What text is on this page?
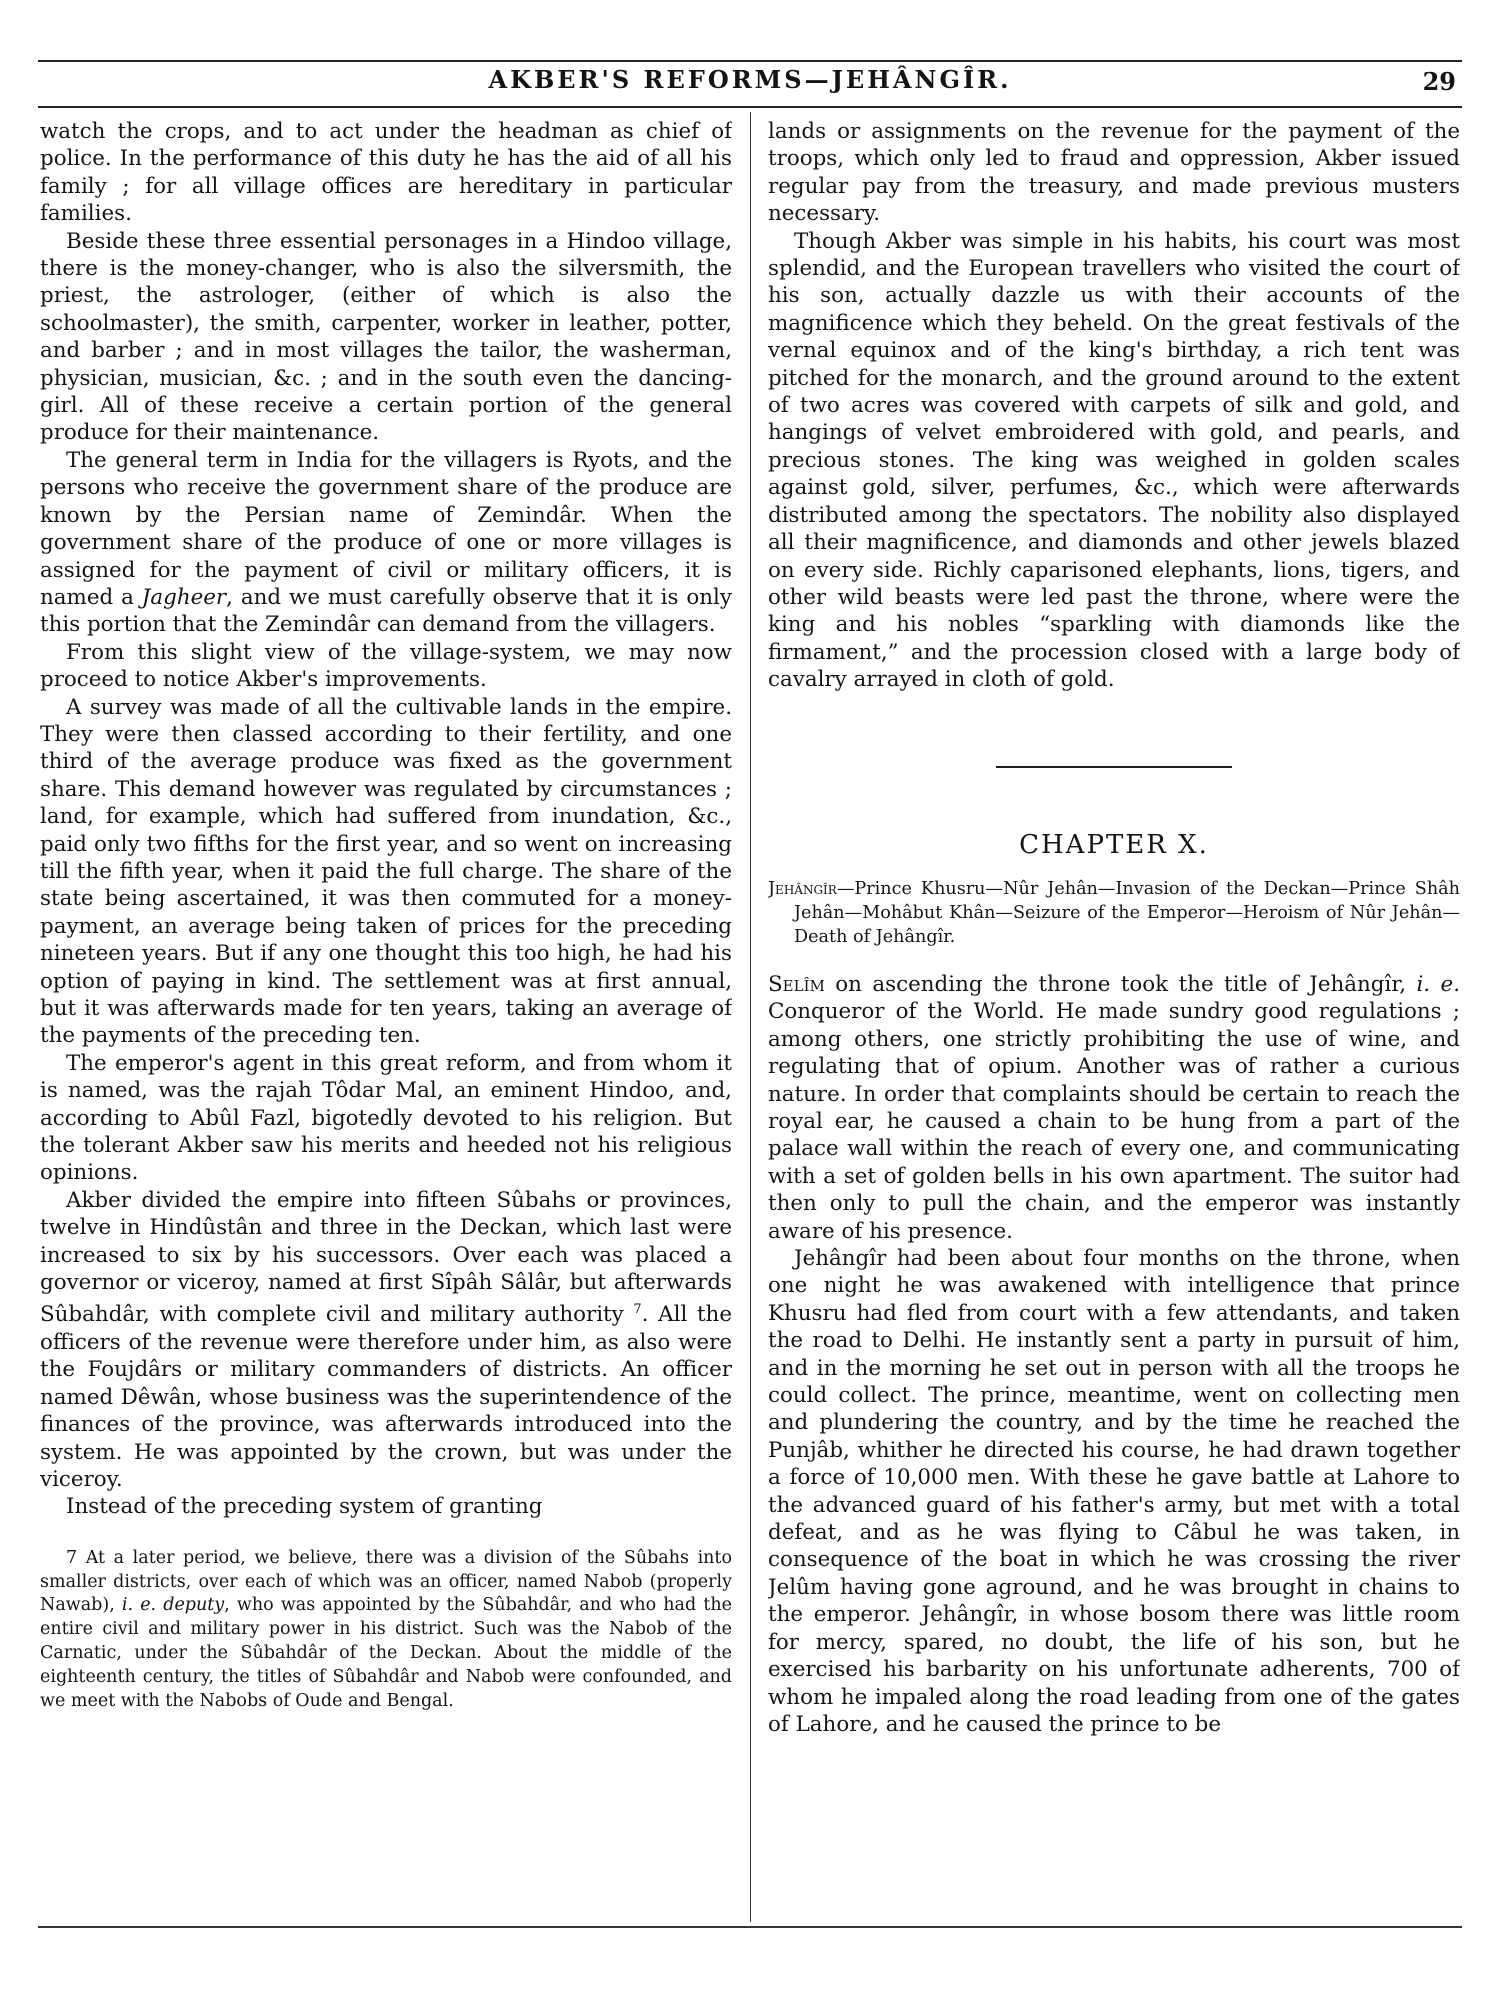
AKBER'S REFORMS—JEHÂNGÎR.	29

watch the crops, and to act under the headman as chief of police. In the performance of this duty he has the aid of all his family ; for all village offices are hereditary in particular families.

Beside these three essential personages in a Hindoo village, there is the money-changer, who is also the silversmith, the priest, the astrologer, (either of which is also the schoolmaster), the smith, carpenter, worker in leather, potter, and barber ; and in most villages the tailor, the washerman, physician, musician, &c. ; and in the south even the dancing-girl. All of these receive a certain portion of the general produce for their maintenance.

The general term in India for the villagers is Ryots, and the persons who receive the government share of the produce are known by the Persian name of Zemindâr. When the government share of the produce of one or more villages is assigned for the payment of civil or military officers, it is named a Jagheer, and we must carefully observe that it is only this portion that the Zemindâr can demand from the villagers.

From this slight view of the village-system, we may now proceed to notice Akber's improvements.

A survey was made of all the cultivable lands in the empire. They were then classed according to their fertility, and one third of the average produce was fixed as the government share. This demand however was regulated by circumstances ; land, for example, which had suffered from inundation, &c., paid only two fifths for the first year, and so went on increasing till the fifth year, when it paid the full charge. The share of the state being ascertained, it was then commuted for a money-payment, an average being taken of prices for the preceding nineteen years. But if any one thought this too high, he had his option of paying in kind. The settlement was at first annual, but it was afterwards made for ten years, taking an average of the payments of the preceding ten.

The emperor's agent in this great reform, and from whom it is named, was the rajah Tôdar Mal, an eminent Hindoo, and, according to Abûl Fazl, bigotedly devoted to his religion. But the tolerant Akber saw his merits and heeded not his religious opinions.

Akber divided the empire into fifteen Sûbahs or provinces, twelve in Hindûstân and three in the Deckan, which last were increased to six by his successors. Over each was placed a governor or viceroy, named at first Sîpâh Sâlâr, but afterwards Sûbahdâr, with complete civil and military authority $^7$. All the officers of the revenue were therefore under him, as also were the Foujdârs or military commanders of districts. An officer named Dêwân, whose business was the superintendence of the finances of the province, was afterwards introduced into the system. He was appointed by the crown, but was under the viceroy.

Instead of the preceding system of granting

7 At a later period, we believe, there was a division of the Sûbahs into smaller districts, over each of which was an officer, named Nabob (properly Nawab), i. e. deputy, who was appointed by the Sûbahdâr, and who had the entire civil and military power in his district. Such was the Nabob of the Carnatic, under the Sûbahdâr of the Deckan. About the middle of the eighteenth century, the titles of Sûbahdâr and Nabob were confounded, and we meet with the Nabobs of Oude and Bengal.

lands or assignments on the revenue for the payment of the troops, which only led to fraud and oppression, Akber issued regular pay from the treasury, and made previous musters necessary.

Though Akber was simple in his habits, his court was most splendid, and the European travellers who visited the court of his son, actually dazzle us with their accounts of the magnificence which they beheld. On the great festivals of the vernal equinox and of the king's birthday, a rich tent was pitched for the monarch, and the ground around to the extent of two acres was covered with carpets of silk and gold, and hangings of velvet embroidered with gold, and pearls, and precious stones. The king was weighed in golden scales against gold, silver, perfumes, &c., which were afterwards distributed among the spectators. The nobility also displayed all their magnificence, and diamonds and other jewels blazed on every side. Richly caparisoned elephants, lions, tigers, and other wild beasts were led past the throne, where were the king and his nobles “sparkling with diamonds like the firmament,” and the procession closed with a large body of cavalry arrayed in cloth of gold.

CHAPTER X.
Jehângîr—Prince Khusru—Nûr Jehân—Invasion of the Deckan—Prince Shâh Jehân—Mohâbut Khân—Seizure of the Emperor—Heroism of Nûr Jehân—Death of Jehângîr.

Selîm on ascending the throne took the title of Jehângîr, i. e. Conqueror of the World. He made sundry good regulations ; among others, one strictly prohibiting the use of wine, and regulating that of opium. Another was of rather a curious nature. In order that complaints should be certain to reach the royal ear, he caused a chain to be hung from a part of the palace wall within the reach of every one, and communicating with a set of golden bells in his own apartment. The suitor had then only to pull the chain, and the emperor was instantly aware of his presence.

Jehângîr had been about four months on the throne, when one night he was awakened with intelligence that prince Khusru had fled from court with a few attendants, and taken the road to Delhi. He instantly sent a party in pursuit of him, and in the morning he set out in person with all the troops he could collect. The prince, meantime, went on collecting men and plundering the country, and by the time he reached the Punjâb, whither he directed his course, he had drawn together a force of 10,000 men. With these he gave battle at Lahore to the advanced guard of his father's army, but met with a total defeat, and as he was flying to Câbul he was taken, in consequence of the boat in which he was crossing the river Jelûm having gone aground, and he was brought in chains to the emperor. Jehângîr, in whose bosom there was little room for mercy, spared, no doubt, the life of his son, but he exercised his barbarity on his unfortunate adherents, 700 of whom he impaled along the road leading from one of the gates of Lahore, and he caused the prince to be
